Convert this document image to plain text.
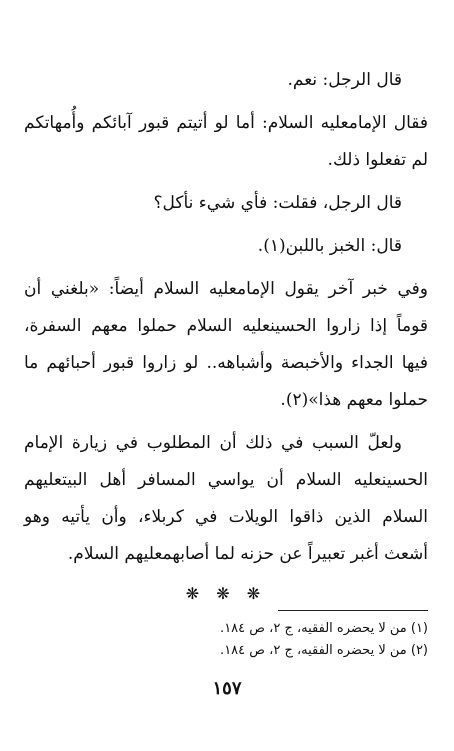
قال الرجل: نعم.

فقال الإمامعليه السلام: أما لو أتيتم قبور آبائكم وأُمهاتكم لم تفعلوا ذلك.

قال الرجل، فقلت: فأي شيء نأكل؟

قال: الخبز باللبن(١).

وفي خبر آخر يقول الإمامعليه السلام أيضاً: «بلغني أن قوماً إذا زاروا الحسينعليه السلام حملوا معهم السفرة، فيها الجداء والأخبصة وأشباهه.. لو زاروا قبور أحبائهم ما حملوا معهم هذا»(٢).

ولعلّ السبب في ذلك أن المطلوب في زيارة الإمام الحسينعليه السلام أن يواسي المسافر أهل البيتعليهم السلام الذين ذاقوا الويلات في كربلاء، وأن يأتيه وهو أشعث أغبر تعبيراً عن حزنه لما أصابهمعليهم السلام.

❋ ❋ ❋

(١) من لا يحضره الفقيه، ج ٢، ص ١٨٤.

(٢) من لا يحضره الفقيه، ج ٢، ص ١٨٤.

١٥٧
